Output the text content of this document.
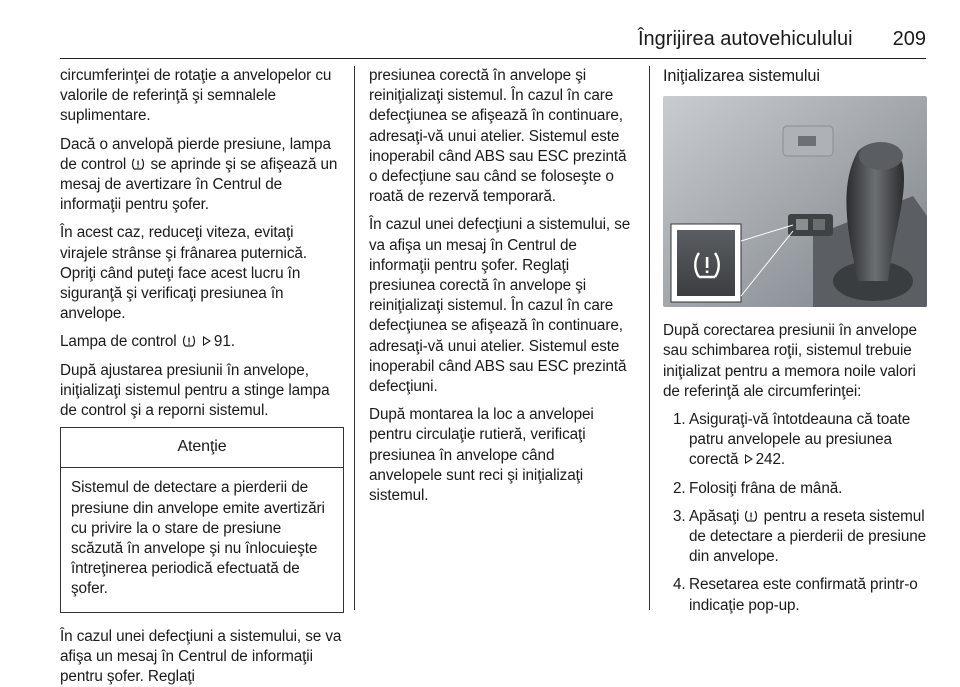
Îngrijirea autovehiculului 209

circumferinţei de rotaţie a anvelopelor cu valorile de referinţă şi semnalele suplimentare.

Dacă o anvelopă pierde presiune, lampa de control se aprinde şi se afişează un mesaj de avertizare în Centrul de informaţii pentru şofer.

În acest caz, reduceţi viteza, evitaţi virajele strânse şi frânarea puternică. Opriţi când puteţi face acest lucru în siguranţă şi verificaţi presiunea în anvelope.

Lampa de control 91.

După ajustarea presiunii în anvelope, iniţializaţi sistemul pentru a stinge lampa de control şi a reporni sistemul.

Atenţie
Sistemul de detectare a pierderii de presiune din anvelope emite avertizări cu privire la o stare de presiune scăzută în anvelope şi nu înlocuieşte întreţinerea periodică efectuată de şofer.

În cazul unei defecţiuni a sistemului, se va afişa un mesaj în Centrul de informaţii pentru şofer. Reglaţi

presiunea corectă în anvelope şi reiniţializaţi sistemul. În cazul în care defecţiunea se afişează în continuare, adresaţi-vă unui atelier. Sistemul este inoperabil când ABS sau ESC prezintă o defecţiune sau când se foloseşte o roată de rezervă temporară.

În cazul unei defecţiuni a sistemului, se va afişa un mesaj în Centrul de informaţii pentru şofer. Reglaţi presiunea corectă în anvelope şi reiniţializaţi sistemul. În cazul în care defecţiunea se afişează în continuare, adresaţi-vă unui atelier. Sistemul este inoperabil când ABS sau ESC prezintă defecţiuni.

După montarea la loc a anvelopei pentru circulaţie rutieră, verificaţi presiunea în anvelope când anvelopele sunt reci şi iniţializaţi sistemul.

Iniţializarea sistemului

După corectarea presiunii în anvelope sau schimbarea roţii, sistemul trebuie iniţializat pentru a memora noile valori de referinţă ale circumferinţei:

1. Asiguraţi-vă întotdeauna că toate patru anvelopele au presiunea corectă 242.
2. Folosiţi frâna de mână.
3. Apăsaţi pentru a reseta sistemul de detectare a pierderii de presiune din anvelope.
4. Resetarea este confirmată printr-o indicaţie pop-up.
